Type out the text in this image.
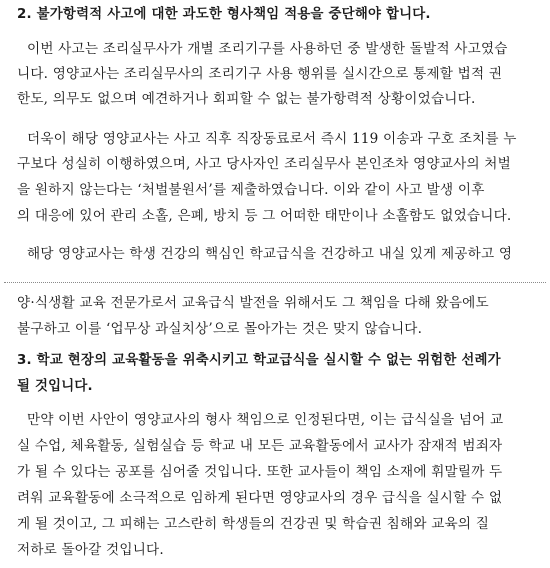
2. 불가항력적 사고에 대한 과도한 형사책임 적용을 중단해야 합니다.
이번 사고는 조리실무사가 개별 조리기구를 사용하던 중 발생한 돌발적 사고였습
니다. 영양교사는 조리실무사의 조리기구 사용 행위를 실시간으로 통제할 법적 권
한도, 의무도 없으며 예견하거나 회피할 수 없는 불가항력적 상황이었습니다.
더욱이 해당 영양교사는 사고 직후 직장동료로서 즉시 119 이송과 구호 조치를 누
구보다 성실히 이행하였으며, 사고 당사자인 조리실무사 본인조차 영양교사의 처벌
을 원하지 않는다는 ‘처벌불원서’를 제출하였습니다. 이와 같이 사고 발생 이후
의 대응에 있어 관리 소홀, 은폐, 방치 등 그 어떠한 태만이나 소홀함도 없었습니다.
해당 영양교사는 학생 건강의 핵심인 학교급식을 건강하고 내실 있게 제공하고 영
양·식생활 교육 전문가로서 교육급식 발전을 위해서도 그 책임을 다해 왔음에도
불구하고 이를 ‘업무상 과실치상’으로 몰아가는 것은 맞지 않습니다.
3. 학교 현장의 교육활동을 위축시키고 학교급식을 실시할 수 없는 위험한 선례가
될 것입니다.
만약 이번 사안이 영양교사의 형사 책임으로 인정된다면, 이는 급식실을 넘어 교
실 수업, 체육활동, 실험실습 등 학교 내 모든 교육활동에서 교사가 잠재적 범죄자
가 될 수 있다는 공포를 심어줄 것입니다. 또한 교사들이 책임 소재에 휘말릴까 두
려워 교육활동에 소극적으로 임하게 된다면 영양교사의 경우 급식을 실시할 수 없
게 될 것이고, 그 피해는 고스란히 학생들의 건강권 및 학습권 침해와 교육의 질
저하로 돌아갈 것입니다.
